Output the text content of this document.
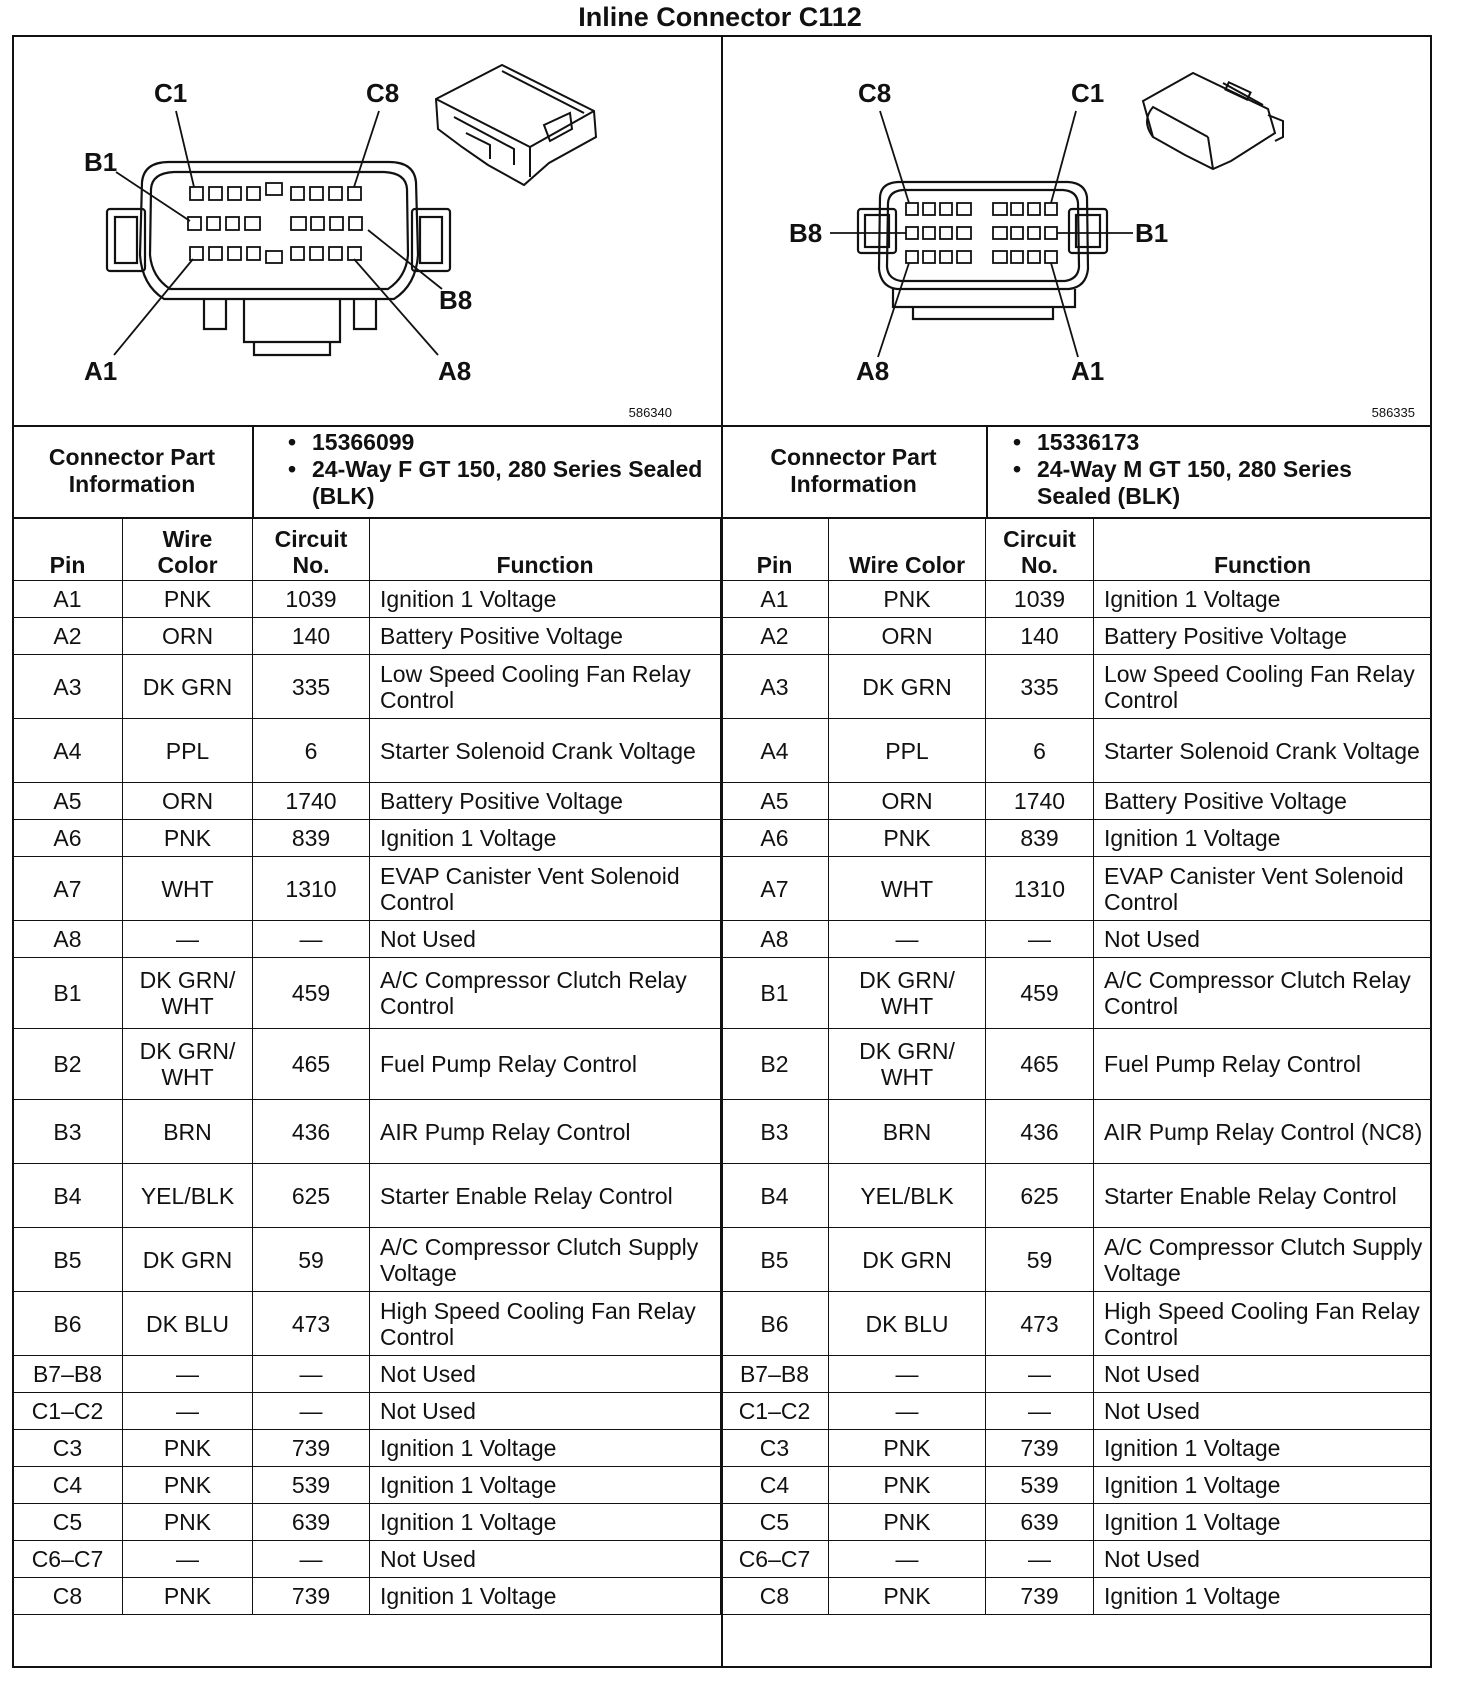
Inline Connector C112
C1	C8
B1
B8
A1	A8
586340
C8	C1
B8	B1
A8	A1
586335
Connector Part Information
• 15366099
• 24-Way F GT 150, 280 Series Sealed (BLK)
Connector Part Information
• 15336173
• 24-Way M GT 150, 280 Series Sealed (BLK)
Pin	Wire Color	Circuit No.	Function
A1	PNK	1039	Ignition 1 Voltage
A2	ORN	140	Battery Positive Voltage
A3	DK GRN	335	Low Speed Cooling Fan Relay Control
A4	PPL	6	Starter Solenoid Crank Voltage
A5	ORN	1740	Battery Positive Voltage
A6	PNK	839	Ignition 1 Voltage
A7	WHT	1310	EVAP Canister Vent Solenoid Control
A8	—	—	Not Used
B1	DK GRN/ WHT	459	A/C Compressor Clutch Relay Control
B2	DK GRN/ WHT	465	Fuel Pump Relay Control
B3	BRN	436	AIR Pump Relay Control
B4	YEL/BLK	625	Starter Enable Relay Control
B5	DK GRN	59	A/C Compressor Clutch Supply Voltage
B6	DK BLU	473	High Speed Cooling Fan Relay Control
B7–B8	—	—	Not Used
C1–C2	—	—	Not Used
C3	PNK	739	Ignition 1 Voltage
C4	PNK	539	Ignition 1 Voltage
C5	PNK	639	Ignition 1 Voltage
C6–C7	—	—	Not Used
C8	PNK	739	Ignition 1 Voltage
Pin	Wire Color	Circuit No.	Function
A1	PNK	1039	Ignition 1 Voltage
A2	ORN	140	Battery Positive Voltage
A3	DK GRN	335	Low Speed Cooling Fan Relay Control
A4	PPL	6	Starter Solenoid Crank Voltage
A5	ORN	1740	Battery Positive Voltage
A6	PNK	839	Ignition 1 Voltage
A7	WHT	1310	EVAP Canister Vent Solenoid Control
A8	—	—	Not Used
B1	DK GRN/ WHT	459	A/C Compressor Clutch Relay Control
B2	DK GRN/ WHT	465	Fuel Pump Relay Control
B3	BRN	436	AIR Pump Relay Control (NC8)
B4	YEL/BLK	625	Starter Enable Relay Control
B5	DK GRN	59	A/C Compressor Clutch Supply Voltage
B6	DK BLU	473	High Speed Cooling Fan Relay Control
B7–B8	—	—	Not Used
C1–C2	—	—	Not Used
C3	PNK	739	Ignition 1 Voltage
C4	PNK	539	Ignition 1 Voltage
C5	PNK	639	Ignition 1 Voltage
C6–C7	—	—	Not Used
C8	PNK	739	Ignition 1 Voltage
